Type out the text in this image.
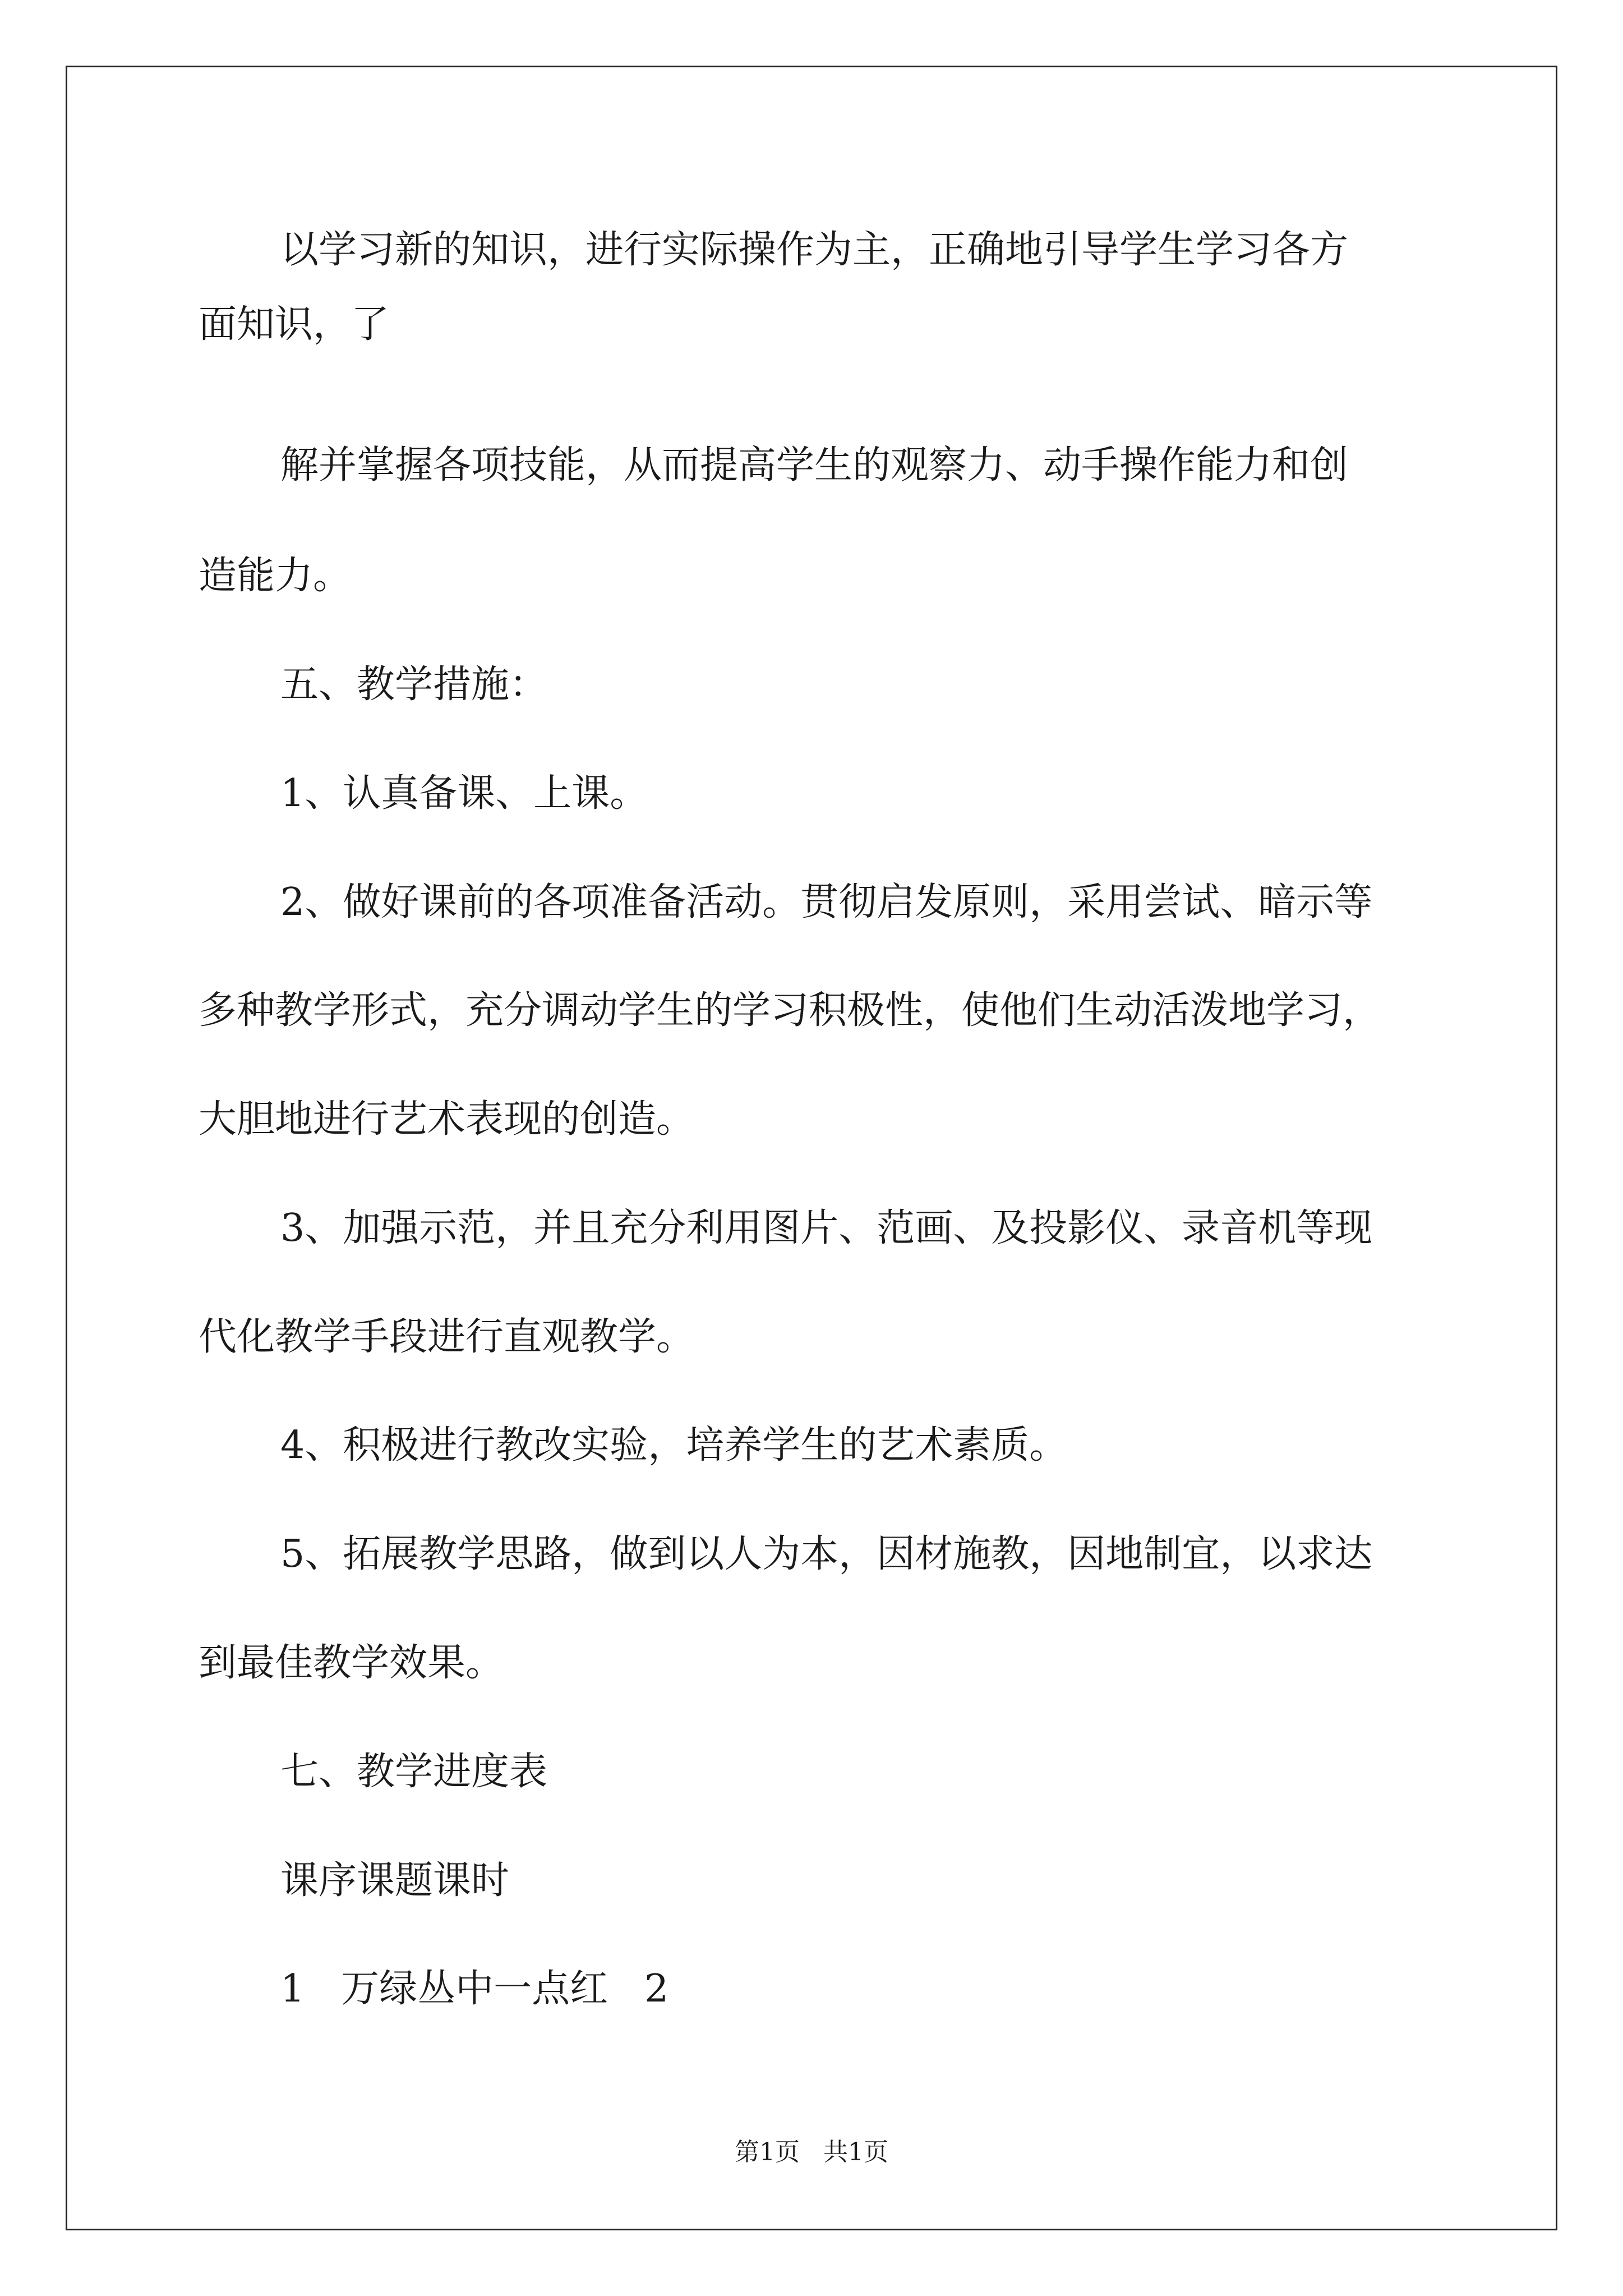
以学习新的知识，进行实际操作为主，正确地引导学生学习各方

面知识，了

解并掌握各项技能，从而提高学生的观察力、动手操作能力和创

造能力。

五、教学措施：

1、认真备课、上课。

2、做好课前的各项准备活动。贯彻启发原则，采用尝试、暗示等

多种教学形式，充分调动学生的学习积极性，使他们生动活泼地学习，

大胆地进行艺术表现的创造。

3、加强示范，并且充分利用图片、范画、及投影仪、录音机等现

代化教学手段进行直观教学。

4、积极进行教改实验，培养学生的艺术素质。

5、拓展教学思路，做到以人为本，因材施教，因地制宜，以求达

到最佳教学效果。

七、教学进度表

课序课题课时

1   万绿丛中一点红   2

第1页   共1页
